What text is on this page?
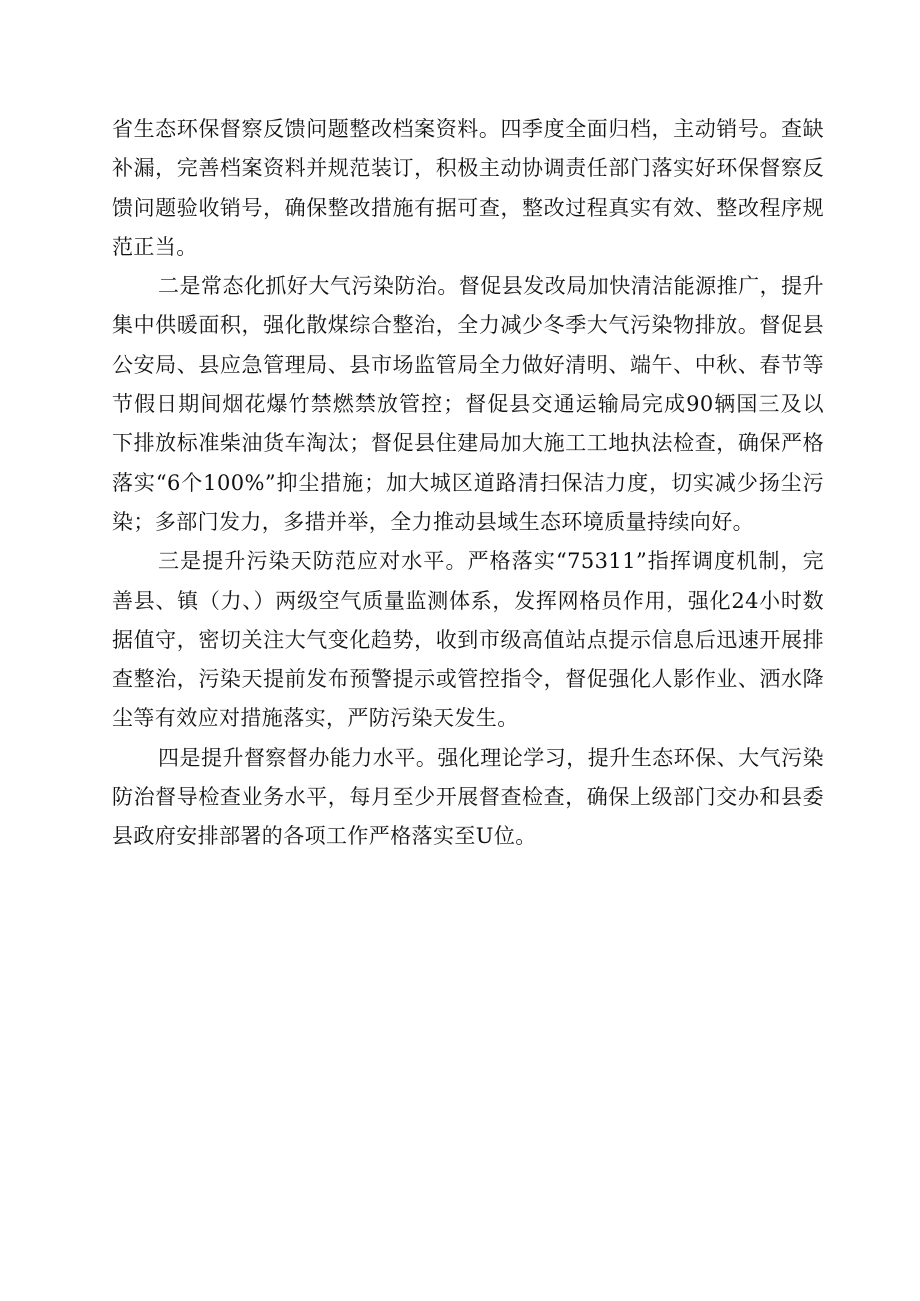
省生态环保督察反馈问题整改档案资料。四季度全面归档，主动销号。查缺补漏，完善档案资料并规范装订，积极主动协调责任部门落实好环保督察反馈问题验收销号，确保整改措施有据可查，整改过程真实有效、整改程序规范正当。

二是常态化抓好大气污染防治。督促县发改局加快清洁能源推广，提升集中供暖面积，强化散煤综合整治，全力减少冬季大气污染物排放。督促县公安局、县应急管理局、县市场监管局全力做好清明、端午、中秋、春节等节假日期间烟花爆竹禁燃禁放管控；督促县交通运输局完成90辆国三及以下排放标准柴油货车淘汰；督促县住建局加大施工工地执法检查，确保严格落实“6个100%”抑尘措施；加大城区道路清扫保洁力度，切实减少扬尘污染；多部门发力，多措并举，全力推动县域生态环境质量持续向好。

三是提升污染天防范应对水平。严格落实“75311”指挥调度机制，完善县、镇（力、）两级空气质量监测体系，发挥网格员作用，强化24小时数据值守，密切关注大气变化趋势，收到市级高值站点提示信息后迅速开展排查整治，污染天提前发布预警提示或管控指令，督促强化人影作业、洒水降尘等有效应对措施落实，严防污染天发生。

四是提升督察督办能力水平。强化理论学习，提升生态环保、大气污染防治督导检查业务水平，每月至少开展督查检查，确保上级部门交办和县委县政府安排部署的各项工作严格落实至U位。
